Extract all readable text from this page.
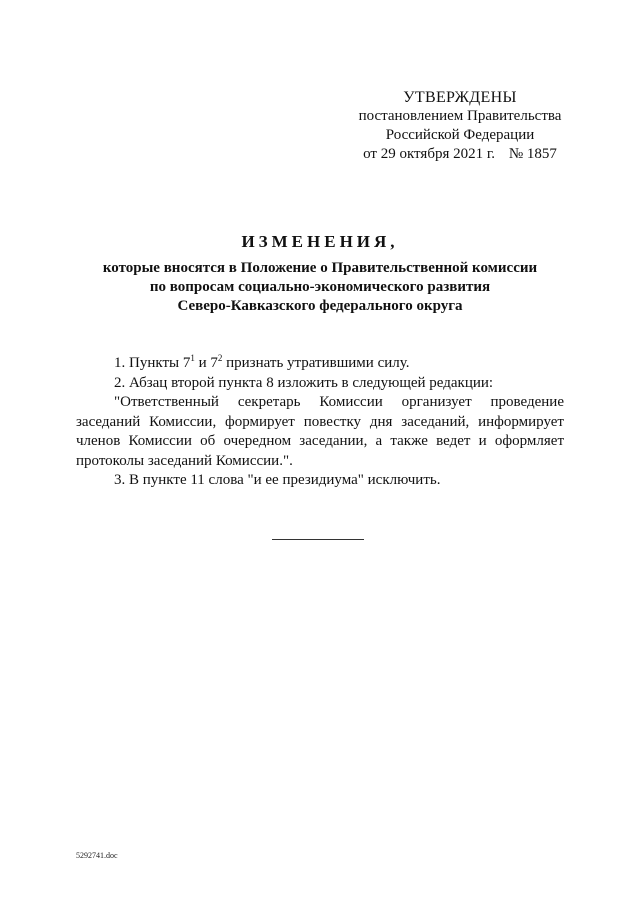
УТВЕРЖДЕНЫ
постановлением Правительства
Российской Федерации
от 29 октября 2021 г. № 1857
ИЗМЕНЕНИЯ,
которые вносятся в Положение о Правительственной комиссии
по вопросам социально-экономического развития
Северо-Кавказского федерального округа

1. Пункты $7^1$ и $7^2$ признать утратившими силу.

2. Абзац второй пункта 8 изложить в следующей редакции:

"Ответственный секретарь Комиссии организует проведение заседаний Комиссии, формирует повестку дня заседаний, информирует членов Комиссии об очередном заседании, а также ведет и оформляет протоколы заседаний Комиссии.".

3. В пункте 11 слова "и ее президиума" исключить.

5292741.doc
